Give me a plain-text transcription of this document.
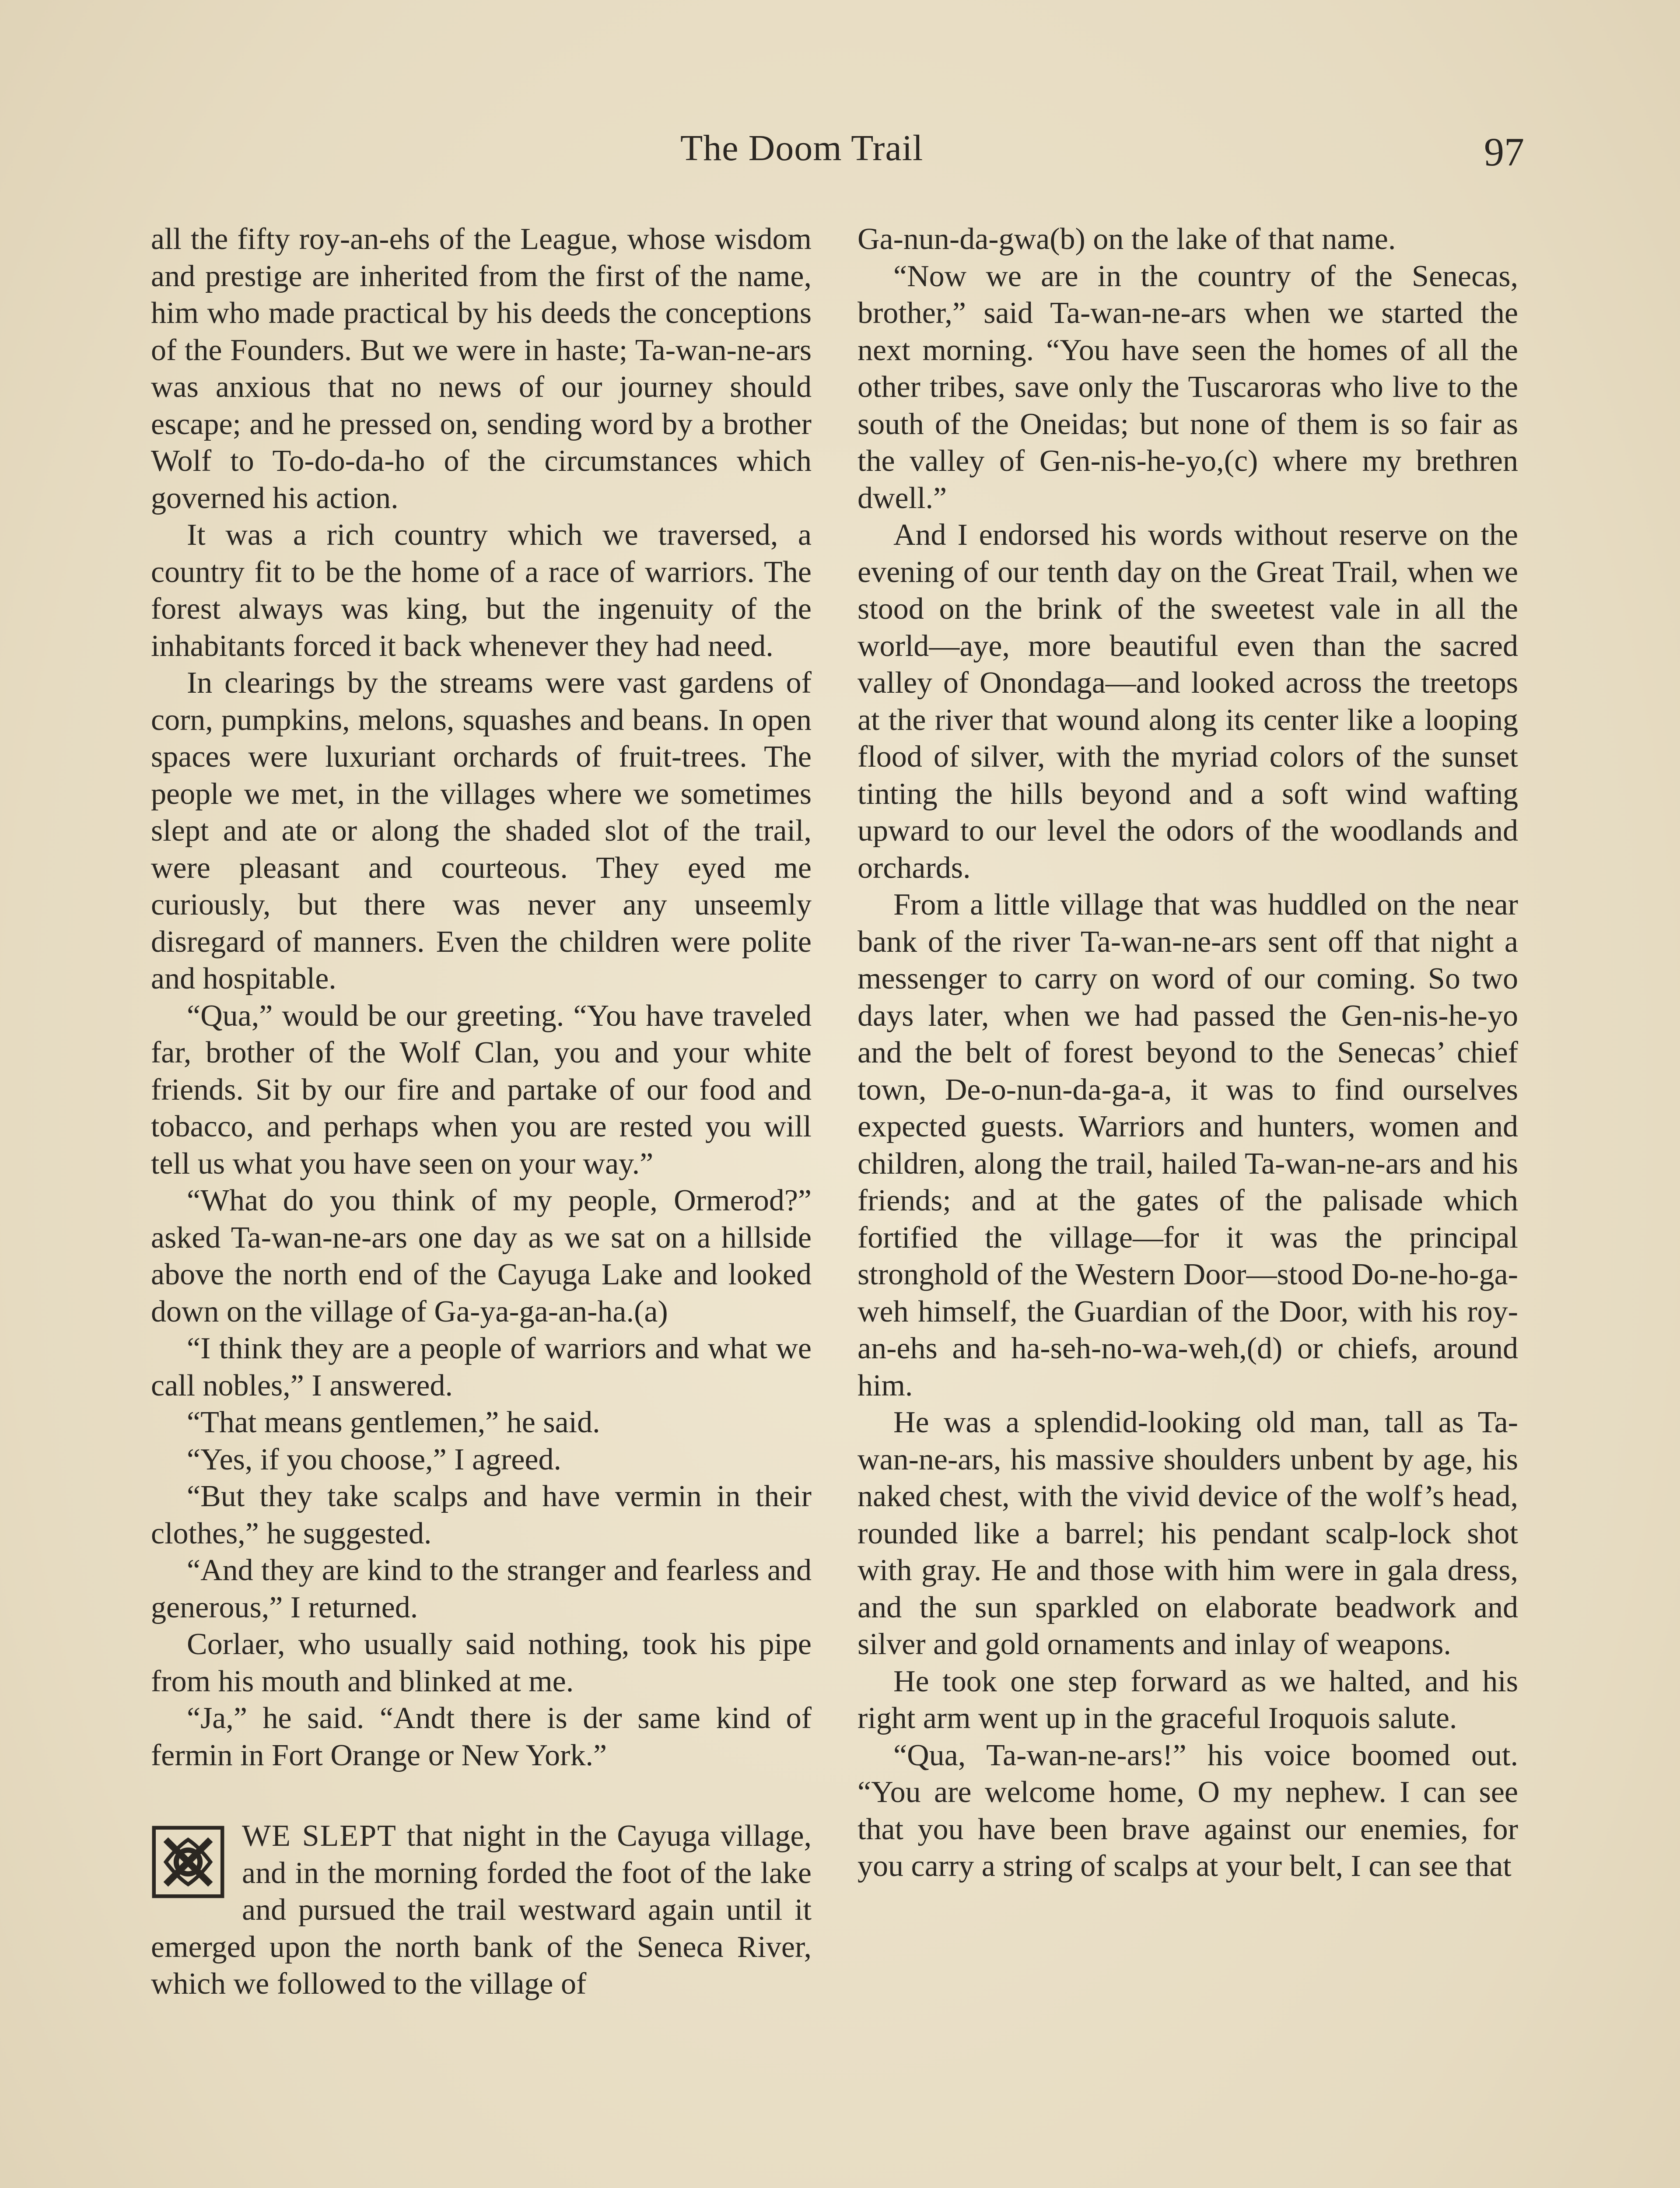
The Doom Trail	97

all the fifty roy-an-ehs of the League, whose wisdom and prestige are inherited from the first of the name, him who made practical by his deeds the conceptions of the Founders. But we were in haste; Ta-wan-ne-ars was anxious that no news of our journey should escape; and he pressed on, sending word by a brother Wolf to To-do-da-ho of the circumstances which governed his action.

It was a rich country which we traversed, a country fit to be the home of a race of warriors. The forest always was king, but the ingenuity of the inhabitants forced it back whenever they had need.

In clearings by the streams were vast gardens of corn, pumpkins, melons, squashes and beans. In open spaces were luxuriant orchards of fruit-trees. The people we met, in the villages where we sometimes slept and ate or along the shaded slot of the trail, were pleasant and courteous. They eyed me curiously, but there was never any unseemly disregard of manners. Even the children were polite and hospitable.

“Qua,” would be our greeting. “You have traveled far, brother of the Wolf Clan, you and your white friends. Sit by our fire and partake of our food and tobacco, and perhaps when you are rested you will tell us what you have seen on your way.”

“What do you think of my people, Ormerod?” asked Ta-wan-ne-ars one day as we sat on a hillside above the north end of the Cayuga Lake and looked down on the village of Ga-ya-ga-an-ha.(a)

“I think they are a people of warriors and what we call nobles,” I answered.

“That means gentlemen,” he said.

“Yes, if you choose,” I agreed.

“But they take scalps and have vermin in their clothes,” he suggested.

“And they are kind to the stranger and fearless and generous,” I returned.

Corlaer, who usually said nothing, took his pipe from his mouth and blinked at me.

“Ja,” he said. “Andt there is der same kind of fermin in Fort Orange or New York.”

WE SLEPT that night in the Cayuga village, and in the morning forded the foot of the lake and pursued the trail westward again until it emerged upon the north bank of the Seneca River, which we followed to the village of

Ga-nun-da-gwa(b) on the lake of that name.

“Now we are in the country of the Senecas, brother,” said Ta-wan-ne-ars when we started the next morning. “You have seen the homes of all the other tribes, save only the Tuscaroras who live to the south of the Oneidas; but none of them is so fair as the valley of Gen-nis-he-yo,(c) where my brethren dwell.”

And I endorsed his words without reserve on the evening of our tenth day on the Great Trail, when we stood on the brink of the sweetest vale in all the world—aye, more beautiful even than the sacred valley of Onondaga—and looked across the treetops at the river that wound along its center like a looping flood of silver, with the myriad colors of the sunset tinting the hills beyond and a soft wind wafting upward to our level the odors of the woodlands and orchards.

From a little village that was huddled on the near bank of the river Ta-wan-ne-ars sent off that night a messenger to carry on word of our coming. So two days later, when we had passed the Gen-nis-he-yo and the belt of forest beyond to the Senecas’ chief town, De-o-nun-da-ga-a, it was to find ourselves expected guests. Warriors and hunters, women and children, along the trail, hailed Ta-wan-ne-ars and his friends; and at the gates of the palisade which fortified the village—for it was the principal stronghold of the Western Door—stood Do-ne-ho-ga-weh himself, the Guardian of the Door, with his roy-an-ehs and ha-seh-no-wa-weh,(d) or chiefs, around him.

He was a splendid-looking old man, tall as Ta-wan-ne-ars, his massive shoulders unbent by age, his naked chest, with the vivid device of the wolf’s head, rounded like a barrel; his pendant scalp-lock shot with gray. He and those with him were in gala dress, and the sun sparkled on elaborate beadwork and silver and gold ornaments and inlay of weapons.

He took one step forward as we halted, and his right arm went up in the graceful Iroquois salute.

“Qua, Ta-wan-ne-ars!” his voice boomed out. “You are welcome home, O my nephew. I can see that you have been brave against our enemies, for you carry a string of scalps at your belt, I can see that
